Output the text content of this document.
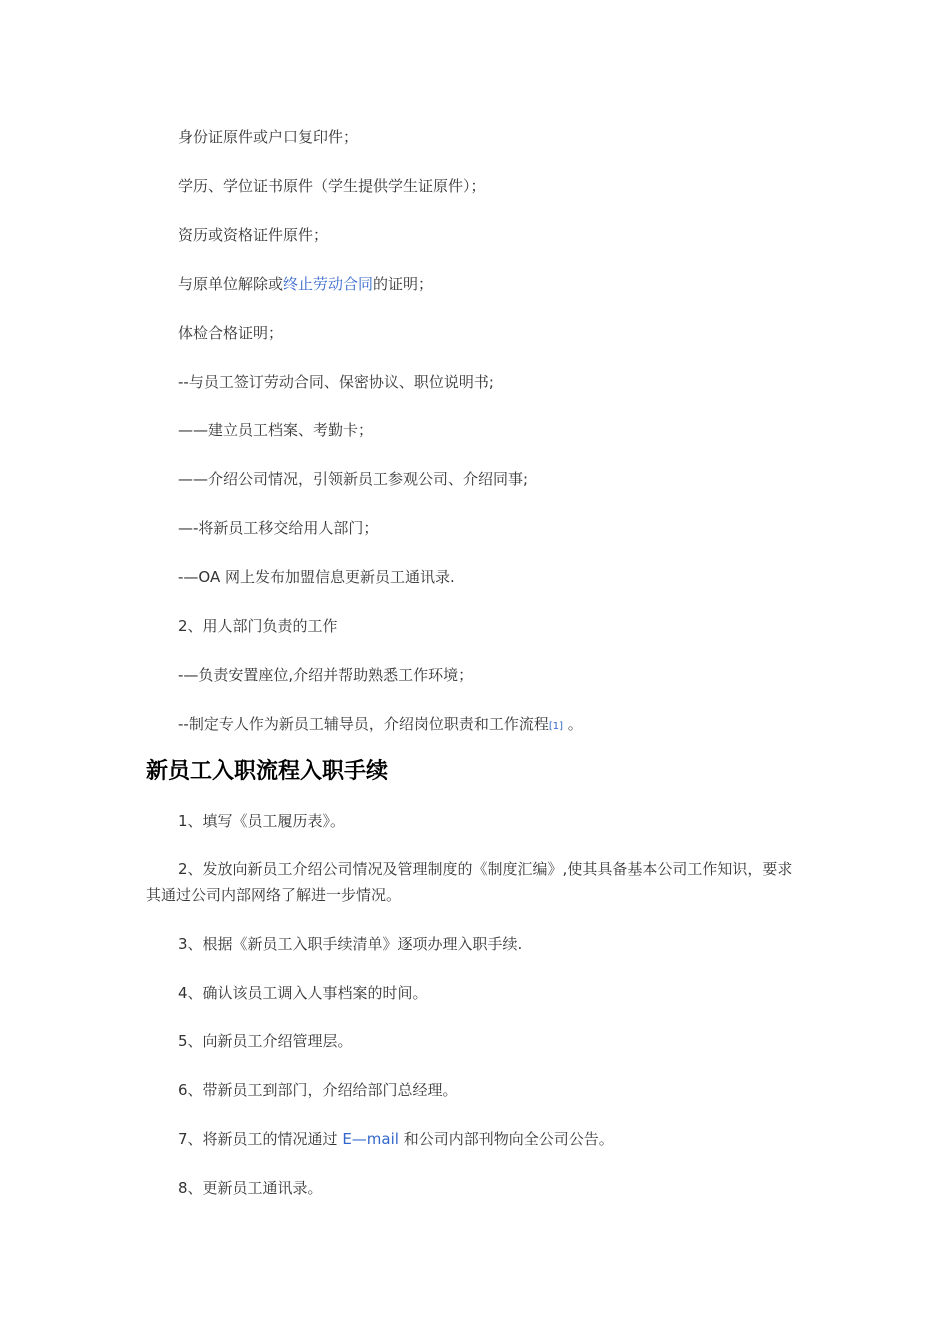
身份证原件或户口复印件；
学历、学位证书原件（学生提供学生证原件）；
资历或资格证件原件；
与原单位解除或终止劳动合同的证明；
体检合格证明；
--与员工签订劳动合同、保密协议、职位说明书;
——建立员工档案、考勤卡；
——介绍公司情况，引领新员工参观公司、介绍同事;
—-将新员工移交给用人部门；
-—OA 网上发布加盟信息更新员工通讯录.
2、用人部门负责的工作
-—负责安置座位,介绍并帮助熟悉工作环境；
--制定专人作为新员工辅导员，介绍岗位职责和工作流程[1] 。
新员工入职流程入职手续
1、填写《员工履历表》。
2、发放向新员工介绍公司情况及管理制度的《制度汇编》,使其具备基本公司工作知识，要求其通过公司内部网络了解进一步情况。
3、根据《新员工入职手续清单》逐项办理入职手续.
4、确认该员工调入人事档案的时间。
5、向新员工介绍管理层。
6、带新员工到部门，介绍给部门总经理。
7、将新员工的情况通过 E—mail 和公司内部刊物向全公司公告。
8、更新员工通讯录。
